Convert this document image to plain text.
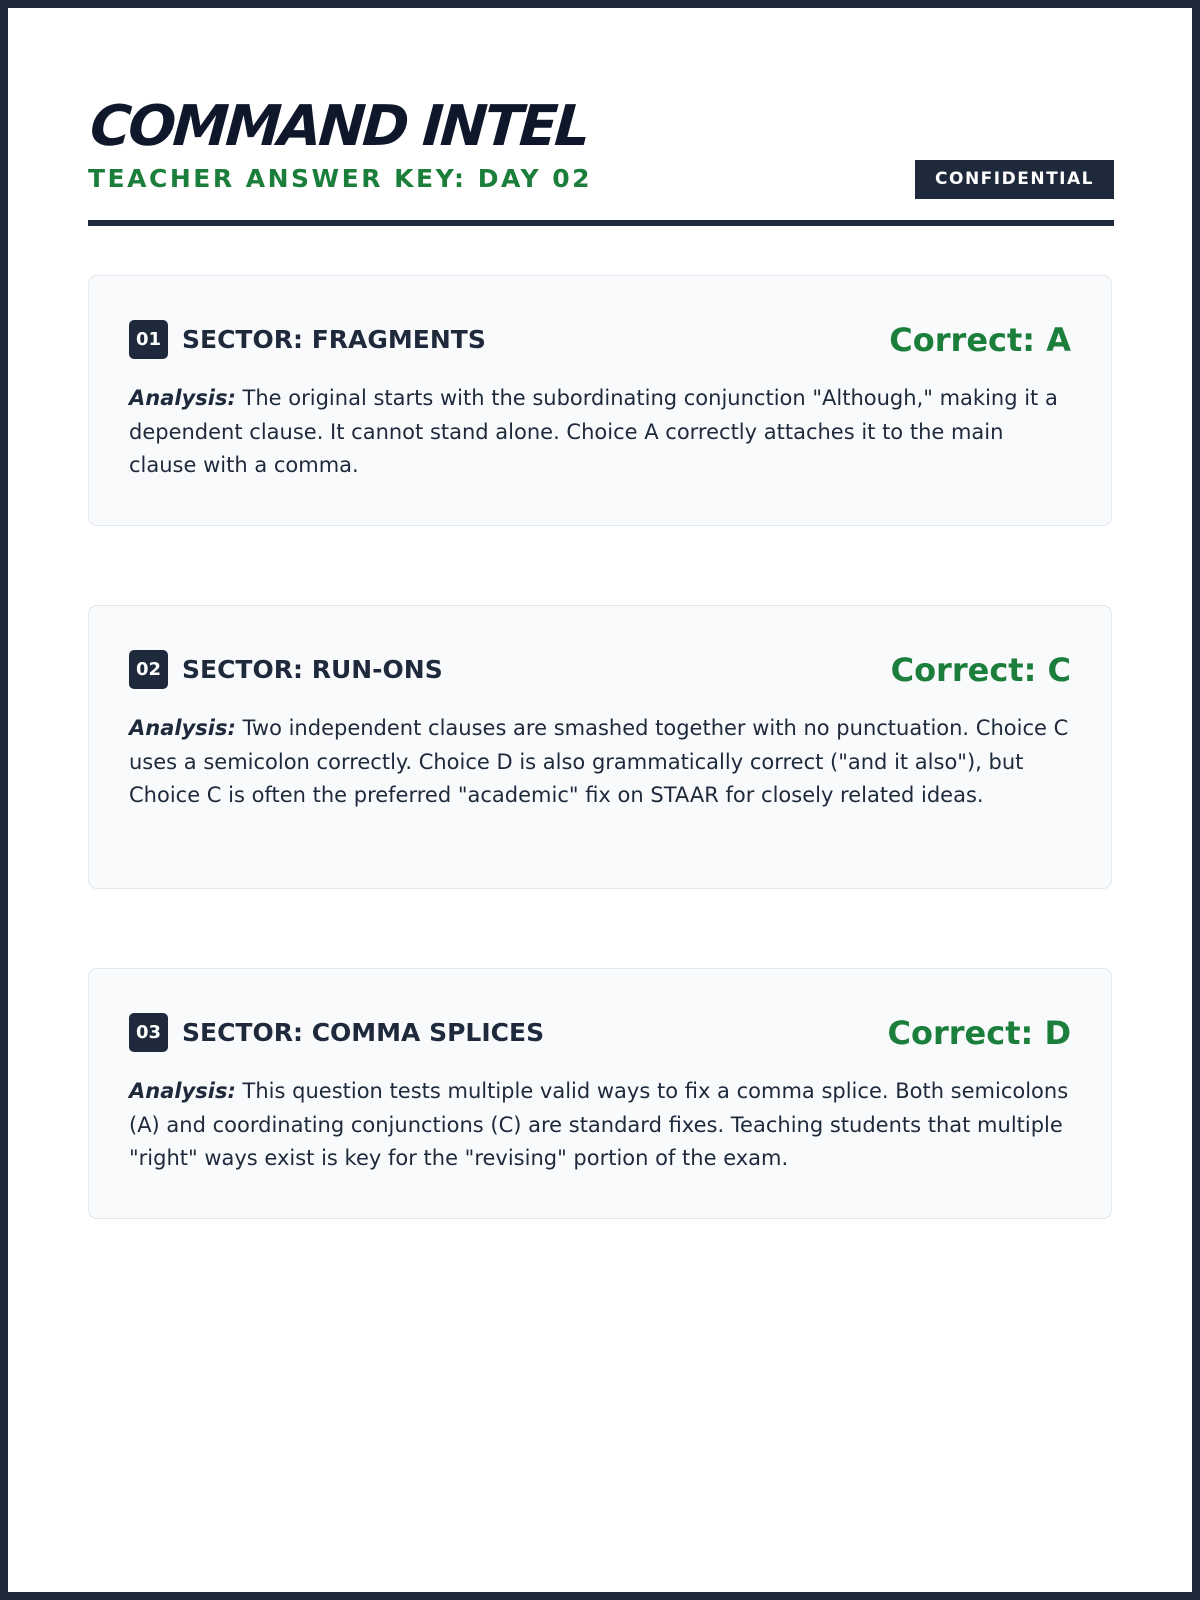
COMMAND INTEL
TEACHER ANSWER KEY: DAY 02	CONFIDENTIAL
01 SECTOR: FRAGMENTS	Correct: A
Analysis: The original starts with the subordinating conjunction "Although," making it a dependent clause. It cannot stand alone. Choice A correctly attaches it to the main clause with a comma.
02 SECTOR: RUN-ONS	Correct: C
Analysis: Two independent clauses are smashed together with no punctuation. Choice C uses a semicolon correctly. Choice D is also grammatically correct ("and it also"), but Choice C is often the preferred "academic" fix on STAAR for closely related ideas.
03 SECTOR: COMMA SPLICES	Correct: D
Analysis: This question tests multiple valid ways to fix a comma splice. Both semicolons (A) and coordinating conjunctions (C) are standard fixes. Teaching students that multiple "right" ways exist is key for the "revising" portion of the exam.
